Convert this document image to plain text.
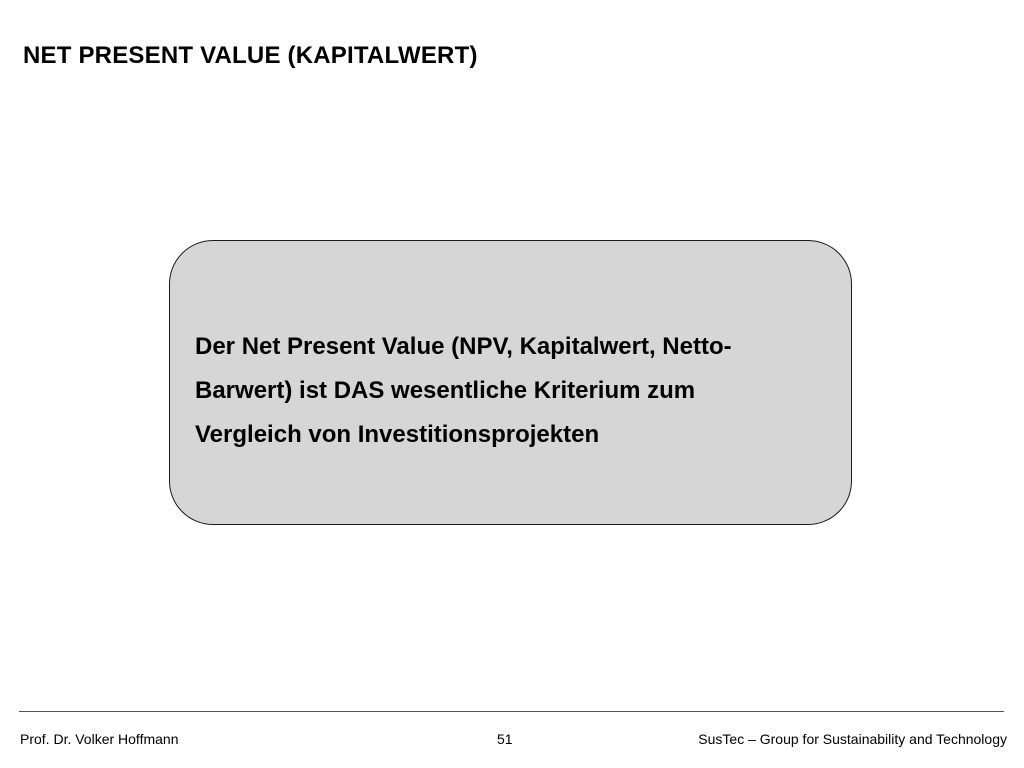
NET PRESENT VALUE (KAPITALWERT)

Der Net Present Value (NPV, Kapitalwert, Netto-
Barwert) ist DAS wesentliche Kriterium zum
Vergleich von Investitionsprojekten

Prof. Dr. Volker Hoffmann	51	SusTec – Group for Sustainability and Technology
